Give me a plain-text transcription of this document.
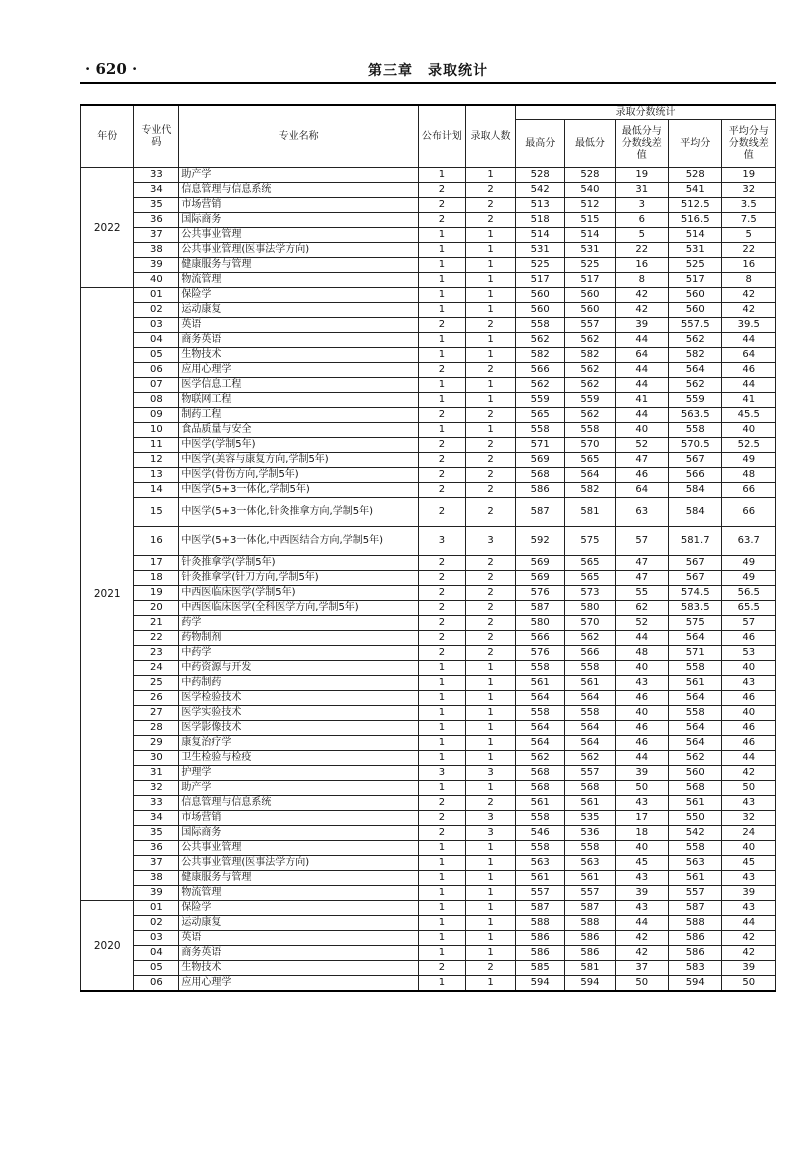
· 620 ·	第三章　录取统计
年份	专业代码	专业名称	公布计划	录取人数	录取分数统计				
					最高分	最低分	最低分与分数线差值	平均分	平均分与分数线差值
2022	33	助产学	1	1	528	528	19	528	19
	34	信息管理与信息系统	2	2	542	540	31	541	32
	35	市场营销	2	2	513	512	3	512.5	3.5
	36	国际商务	2	2	518	515	6	516.5	7.5
	37	公共事业管理	1	1	514	514	5	514	5
	38	公共事业管理(医事法学方向)	1	1	531	531	22	531	22
	39	健康服务与管理	1	1	525	525	16	525	16
	40	物流管理	1	1	517	517	8	517	8
2021	01	保险学	1	1	560	560	42	560	42
	02	运动康复	1	1	560	560	42	560	42
	03	英语	2	2	558	557	39	557.5	39.5
	04	商务英语	1	1	562	562	44	562	44
	05	生物技术	1	1	582	582	64	582	64
	06	应用心理学	2	2	566	562	44	564	46
	07	医学信息工程	1	1	562	562	44	562	44
	08	物联网工程	1	1	559	559	41	559	41
	09	制药工程	2	2	565	562	44	563.5	45.5
	10	食品质量与安全	1	1	558	558	40	558	40
	11	中医学(学制5年)	2	2	571	570	52	570.5	52.5
	12	中医学(美容与康复方向,学制5年)	2	2	569	565	47	567	49
	13	中医学(骨伤方向,学制5年)	2	2	568	564	46	566	48
	14	中医学(5+3一体化,学制5年)	2	2	586	582	64	584	66
	15	中医学(5+3一体化,针灸推拿方向,学制5年)	2	2	587	581	63	584	66
	16	中医学(5+3一体化,中西医结合方向,学制5年)	3	3	592	575	57	581.7	63.7
	17	针灸推拿学(学制5年)	2	2	569	565	47	567	49
	18	针灸推拿学(针刀方向,学制5年)	2	2	569	565	47	567	49
	19	中西医临床医学(学制5年)	2	2	576	573	55	574.5	56.5
	20	中西医临床医学(全科医学方向,学制5年)	2	2	587	580	62	583.5	65.5
	21	药学	2	2	580	570	52	575	57
	22	药物制剂	2	2	566	562	44	564	46
	23	中药学	2	2	576	566	48	571	53
	24	中药资源与开发	1	1	558	558	40	558	40
	25	中药制药	1	1	561	561	43	561	43
	26	医学检验技术	1	1	564	564	46	564	46
	27	医学实验技术	1	1	558	558	40	558	40
	28	医学影像技术	1	1	564	564	46	564	46
	29	康复治疗学	1	1	564	564	46	564	46
	30	卫生检验与检疫	1	1	562	562	44	562	44
	31	护理学	3	3	568	557	39	560	42
	32	助产学	1	1	568	568	50	568	50
	33	信息管理与信息系统	2	2	561	561	43	561	43
	34	市场营销	2	3	558	535	17	550	32
	35	国际商务	2	3	546	536	18	542	24
	36	公共事业管理	1	1	558	558	40	558	40
	37	公共事业管理(医事法学方向)	1	1	563	563	45	563	45
	38	健康服务与管理	1	1	561	561	43	561	43
	39	物流管理	1	1	557	557	39	557	39
2020	01	保险学	1	1	587	587	43	587	43
	02	运动康复	1	1	588	588	44	588	44
	03	英语	1	1	586	586	42	586	42
	04	商务英语	1	1	586	586	42	586	42
	05	生物技术	2	2	585	581	37	583	39
	06	应用心理学	1	1	594	594	50	594	50
